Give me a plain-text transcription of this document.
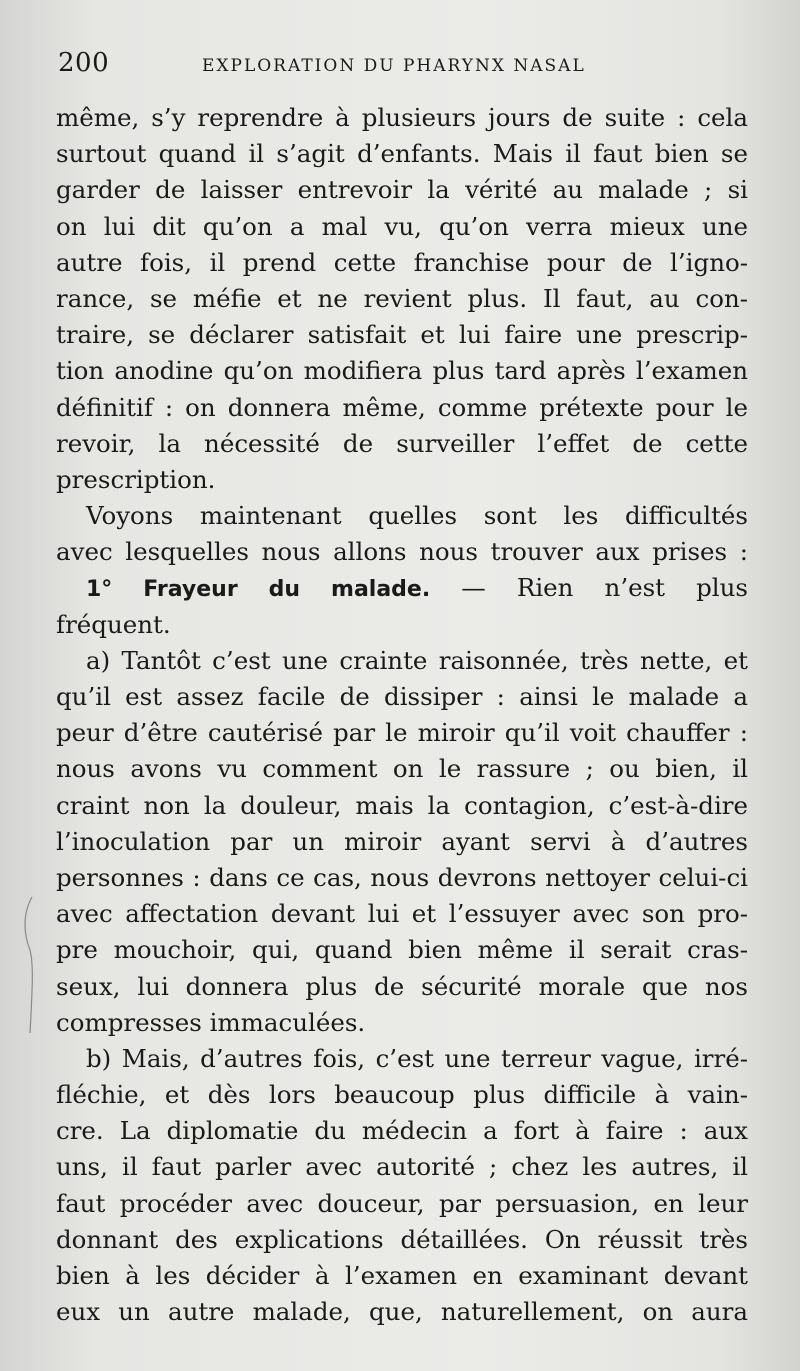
200	EXPLORATION DU PHARYNX NASAL
même, s’y reprendre à plusieurs jours de suite : cela
surtout quand il s’agit d’enfants. Mais il faut bien se
garder de laisser entrevoir la vérité au malade ; si
on lui dit qu’on a mal vu, qu’on verra mieux une
autre fois, il prend cette franchise pour de l’igno-
rance, se méfie et ne revient plus. Il faut, au con-
traire, se déclarer satisfait et lui faire une prescrip-
tion anodine qu’on modifiera plus tard après l’examen
définitif : on donnera même, comme prétexte pour le
revoir, la nécessité de surveiller l’effet de cette
prescription.
Voyons maintenant quelles sont les difficultés
avec lesquelles nous allons nous trouver aux prises :
1° Frayeur du malade. — Rien n’est plus
fréquent.
a) Tantôt c’est une crainte raisonnée, très nette, et
qu’il est assez facile de dissiper : ainsi le malade a
peur d’être cautérisé par le miroir qu’il voit chauffer :
nous avons vu comment on le rassure ; ou bien, il
craint non la douleur, mais la contagion, c’est-à-dire
l’inoculation par un miroir ayant servi à d’autres
personnes : dans ce cas, nous devrons nettoyer celui-ci
avec affectation devant lui et l’essuyer avec son pro-
pre mouchoir, qui, quand bien même il serait cras-
seux, lui donnera plus de sécurité morale que nos
compresses immaculées.
b) Mais, d’autres fois, c’est une terreur vague, irré-
fléchie, et dès lors beaucoup plus difficile à vain-
cre. La diplomatie du médecin a fort à faire : aux
uns, il faut parler avec autorité ; chez les autres, il
faut procéder avec douceur, par persuasion, en leur
donnant des explications détaillées. On réussit très
bien à les décider à l’examen en examinant devant
eux un autre malade, que, naturellement, on aura
